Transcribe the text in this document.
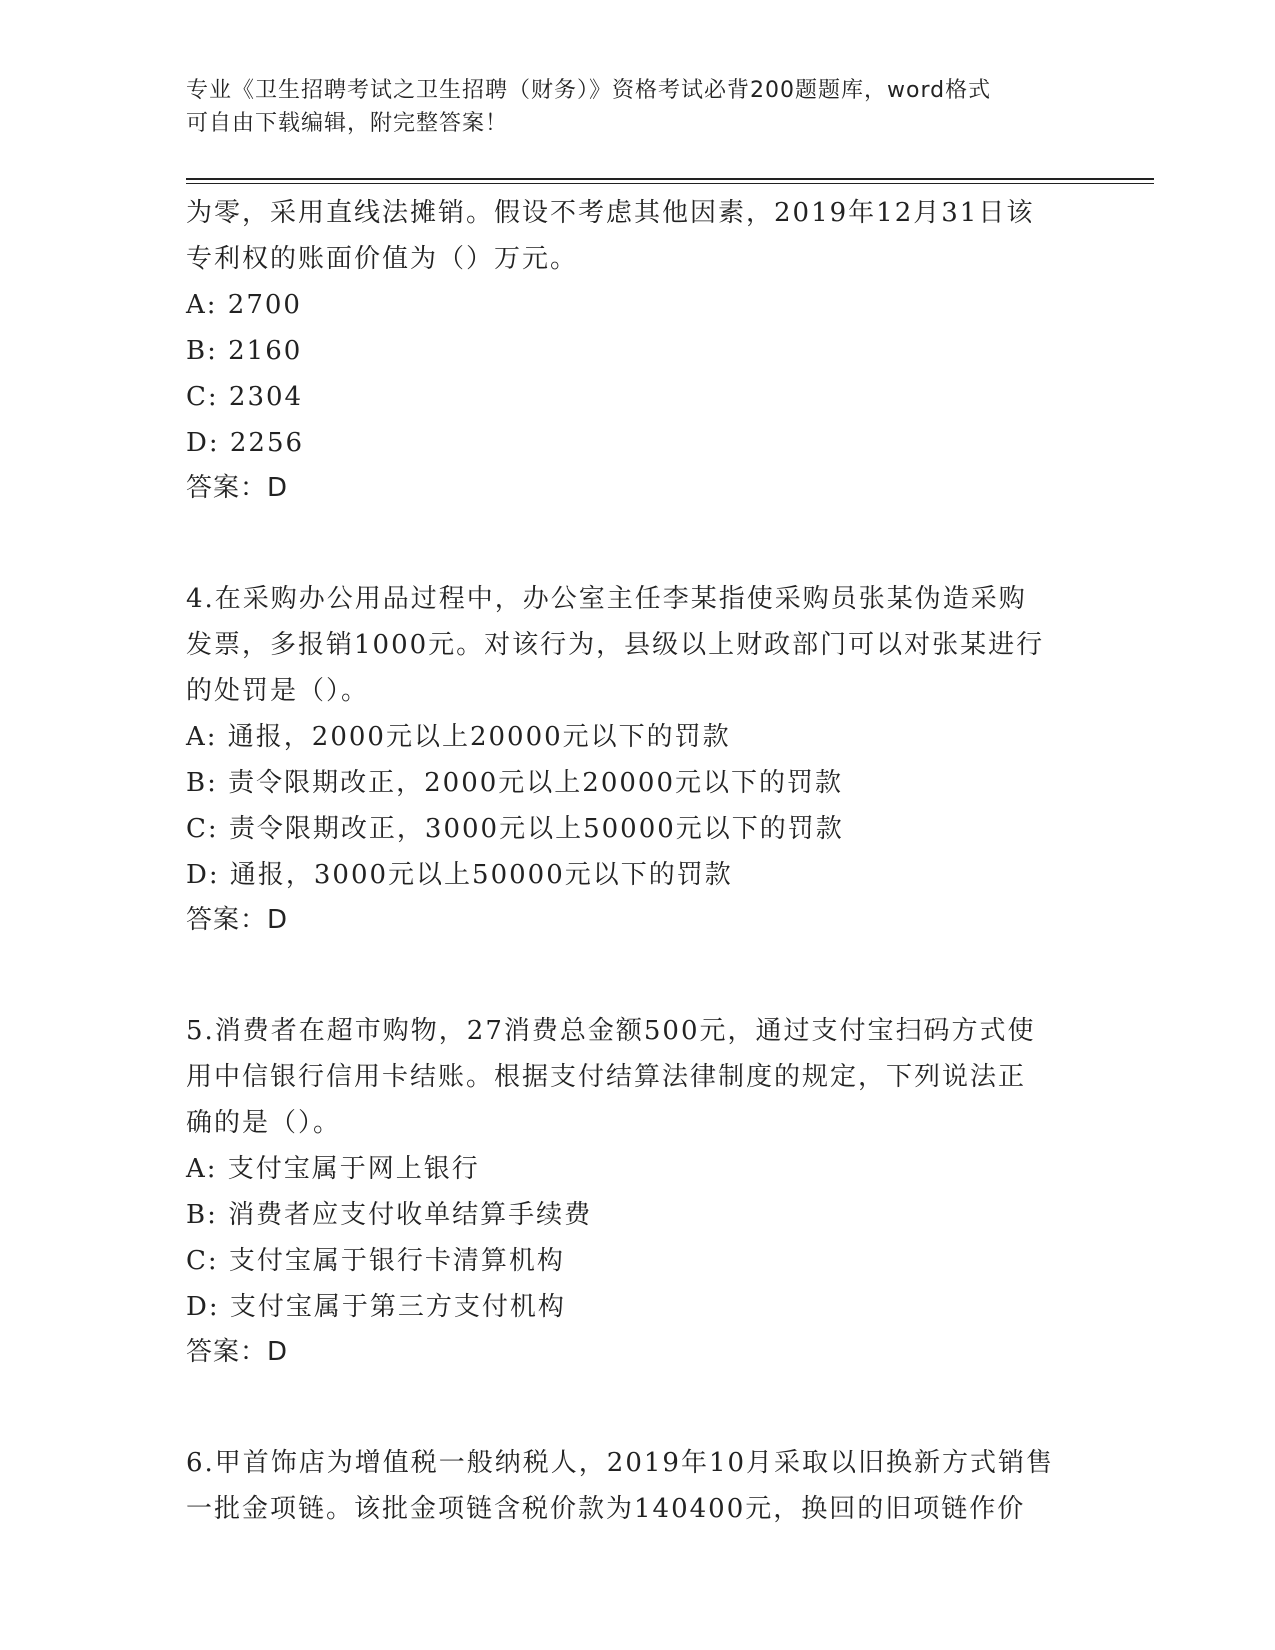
专业《卫生招聘考试之卫生招聘（财务）》资格考试必背200题题库，word格式
可自由下载编辑，附完整答案！
为零，采用直线法摊销。假设不考虑其他因素，2019年12月31日该
专利权的账面价值为（）万元。
A: 2700
B: 2160
C: 2304
D: 2256
答案：D
4.在采购办公用品过程中，办公室主任李某指使采购员张某伪造采购
发票，多报销1000元。对该行为，县级以上财政部门可以对张某进行
的处罚是（）。
A: 通报，2000元以上20000元以下的罚款
B: 责令限期改正，2000元以上20000元以下的罚款
C: 责令限期改正，3000元以上50000元以下的罚款
D: 通报，3000元以上50000元以下的罚款
答案：D
5.消费者在超市购物，27消费总金额500元，通过支付宝扫码方式使
用中信银行信用卡结账。根据支付结算法律制度的规定，下列说法正
确的是（）。
A: 支付宝属于网上银行
B: 消费者应支付收单结算手续费
C: 支付宝属于银行卡清算机构
D: 支付宝属于第三方支付机构
答案：D
6.甲首饰店为增值税一般纳税人，2019年10月采取以旧换新方式销售
一批金项链。该批金项链含税价款为140400元，换回的旧项链作价
